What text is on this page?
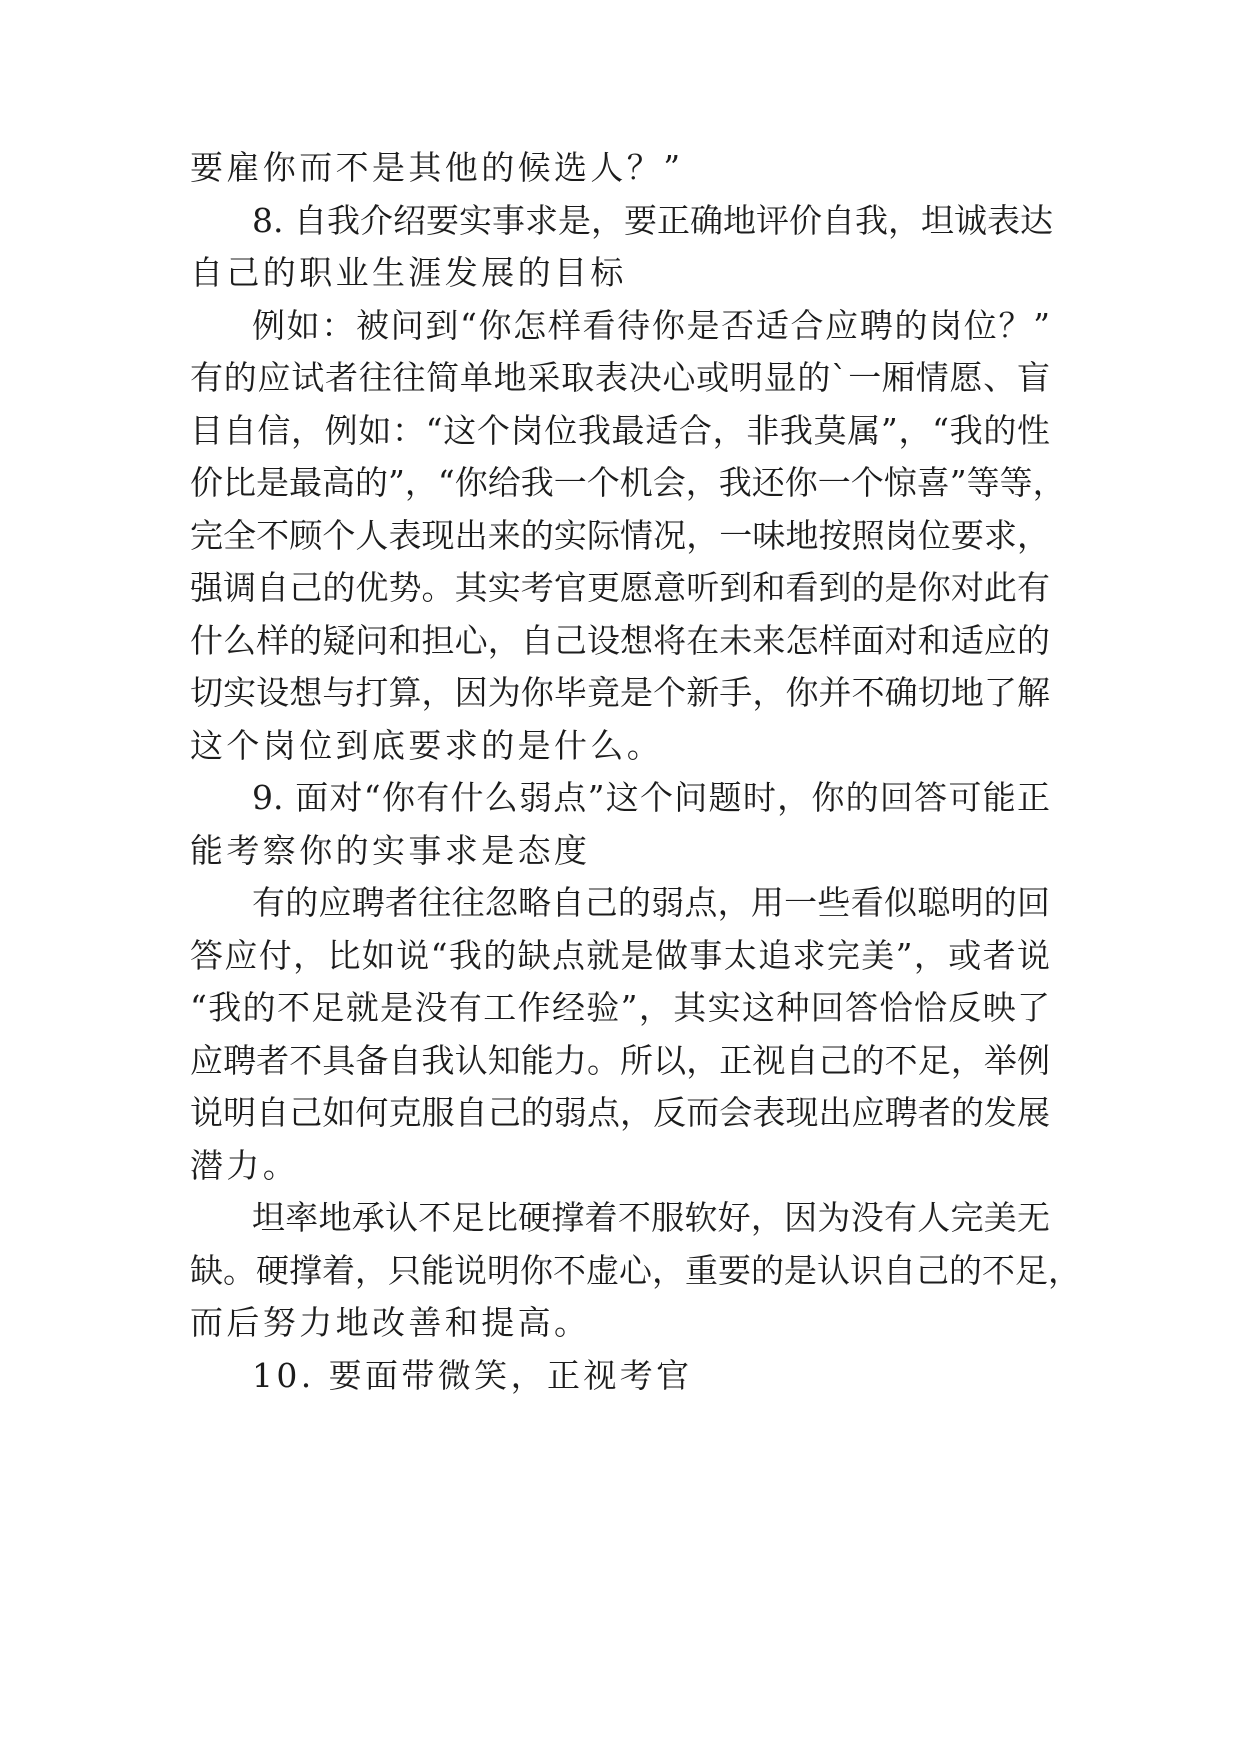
要雇你而不是其他的候选人？”
8. 自我介绍要实事求是，要正确地评价自我，坦诚表达
自己的职业生涯发展的目标
例如：被问到“你怎样看待你是否适合应聘的岗位？”
有的应试者往往简单地采取表决心或明显的`一厢情愿、盲
目自信，例如：“这个岗位我最适合，非我莫属”，“我的性
价比是最高的”，“你给我一个机会，我还你一个惊喜”等等，
完全不顾个人表现出来的实际情况，一味地按照岗位要求，
强调自己的优势。其实考官更愿意听到和看到的是你对此有
什么样的疑问和担心，自己设想将在未来怎样面对和适应的
切实设想与打算，因为你毕竟是个新手，你并不确切地了解
这个岗位到底要求的是什么。
9. 面对“你有什么弱点”这个问题时，你的回答可能正
能考察你的实事求是态度
有的应聘者往往忽略自己的弱点，用一些看似聪明的回
答应付，比如说“我的缺点就是做事太追求完美”，或者说
“我的不足就是没有工作经验”，其实这种回答恰恰反映了
应聘者不具备自我认知能力。所以，正视自己的不足，举例
说明自己如何克服自己的弱点，反而会表现出应聘者的发展
潜力。
坦率地承认不足比硬撑着不服软好，因为没有人完美无
缺。硬撑着，只能说明你不虚心，重要的是认识自己的不足，
而后努力地改善和提高。
10. 要面带微笑，正视考官
